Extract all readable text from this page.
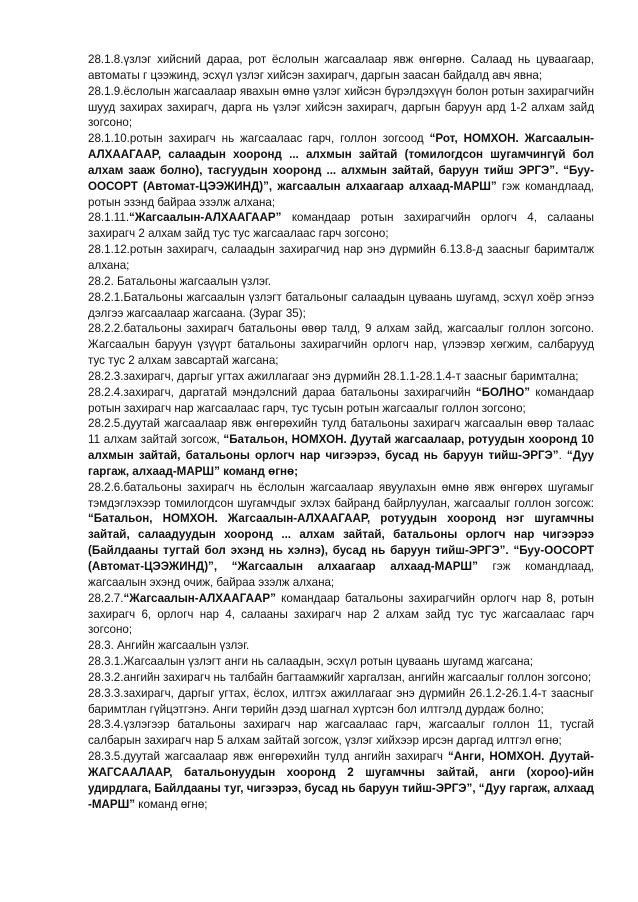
28.1.8.үзлэг хийсний дараа, рот ёслолын жагсаалаар явж өнгөрнө. Салаад нь цуваагаар, автоматы г цээжинд, эсхүл үзлэг хийсэн захирагч, даргын заасан байдалд авч явна;

28.1.9.ёслолын жагсаалаар явахын өмнө үзлэг хийсэн бүрэлдэхүүн болон ротын захирагчийн шууд захирах захирагч, дарга нь үзлэг хийсэн захирагч, даргын баруун ард 1-2 алхам зайд зогсоно;

28.1.10.ротын захирагч нь жагсаалаас гарч, голлон зогсоод “Рот, НОМХОН. Жагсаалын-АЛХААГААР, салаадын хооронд ... алхмын зайтай (томилогдсон шугамчингүй бол алхам зааж болно), тасгуудын хооронд ... алхмын зайтай, баруун тийш ЭРГЭ”. “Буу-ООСОРТ (Автомат-ЦЭЭЖИНД)”, жагсаалын алхаагаар алхаад-МАРШ” гэж командлаад, ротын эзэнд байраа эзэлж алхана;

28.1.11.“Жагсаалын-АЛХААГААР” командаар ротын захирагчийн орлогч 4, салааны захирагч 2 алхам зайд тус тус жагсаалаас гарч зогсоно;

28.1.12.ротын захирагч, салаадын захирагчид нар энэ дүрмийн 6.13.8-д заасныг баримталж алхана;

28.2. Батальоны жагсаалын үзлэг.

28.2.1.Батальоны жагсаалын үзлэгт батальоныг салаадын цуваань шугамд, эсхүл хоёр эгнээ дэлгээ жагсаалаар жагсаана. (Зураг 35);

28.2.2.батальоны захирагч батальоны өвөр талд, 9 алхам зайд, жагсаалыг голлон зогсоно. Жагсаалын баруун үзүүрт батальоны захирагчийн орлогч нар, үлээвэр хөгжим, салбарууд тус тус 2 алхам завсартай жагсана;

28.2.3.захирагч, даргыг угтах ажиллагааг энэ дүрмийн 28.1.1-28.1.4-т заасныг баримтална;

28.2.4.захирагч, даргатай мэндэлсний дараа батальоны захирагчийн “БОЛНО” командаар ротын захирагч нар жагсаалаас гарч, тус тусын ротын жагсаалыг голлон зогсоно;

28.2.5.дуутай жагсаалаар явж өнгөрөхийн тулд батальоны захирагч жагсаалын өвөр талаас 11 алхам зайтай зогсож, “Батальон, НОМХОН. Дуутай жагсаалаар, ротуудын хооронд 10 алхмын зайтай, батальоны орлогч нар чигээрээ, бусад нь баруун тийш-ЭРГЭ”. “Дуу гаргаж, алхаад-МАРШ” команд өгнө;

28.2.6.батальоны захирагч нь ёслолын жагсаалаар явуулахын өмнө явж өнгөрөх шугамыг тэмдэглэхээр томилогдсон шугамчдыг эхлэх байранд байрлуулан, жагсаалыг голлон зогсож: “Батальон, НОМХОН. Жагсаалын-АЛХААГААР, ротуудын хооронд нэг шугамчны зайтай, салаадуудын хооронд ... алхам зайтай, батальоны орлогч нар чигээрээ (Байлдааны тугтай бол эхэнд нь хэлнэ), бусад нь баруун тийш-ЭРГЭ”. “Буу-ООСОРТ (Автомат-ЦЭЭЖИНД)”, “Жагсаалын алхаагаар алхаад-МАРШ” гэж командлаад, жагсаалын эхэнд очиж, байраа эзэлж алхана;

28.2.7.“Жагсаалын-АЛХААГААР” командаар батальоны захирагчийн орлогч нар 8, ротын захирагч 6, орлогч нар 4, салааны захирагч нар 2 алхам зайд тус тус жагсаалаас гарч зогсоно;

28.3. Ангийн жагсаалын үзлэг.

28.3.1.Жагсаалын үзлэгт анги нь салаадын, эсхүл ротын цуваань шугамд жагсана;

28.3.2.ангийн захирагч нь талбайн багтаамжийг харгалзан, ангийн жагсаалыг голлон зогсоно;

28.3.3.захирагч, даргыг угтах, ёслох, илтгэх ажиллагааг энэ дүрмийн 26.1.2-26.1.4-т заасныг баримтлан гүйцэтгэнэ. Анги төрийн дээд шагнал хүртсэн бол илтгэлд дурдаж болно;

28.3.4.үзлэгээр батальоны захирагч нар жагсаалаас гарч, жагсаалыг голлон 11, тусгай салбарын захирагч нар 5 алхам зайтай зогсож, үзлэг хийхээр ирсэн даргад илтгэл өгнө;

28.3.5.дуутай жагсаалаар явж өнгөрөхийн тулд ангийн захирагч “Анги, НОМХОН. Дуутай-ЖАГСААЛААР, батальонуудын хооронд 2 шугамчны зайтай, анги (хороо)-ийн удирдлага, Байлдааны туг, чигээрээ, бусад нь баруун тийш-ЭРГЭ”, “Дуу гаргаж, алхаад -МАРШ” команд өгнө;
